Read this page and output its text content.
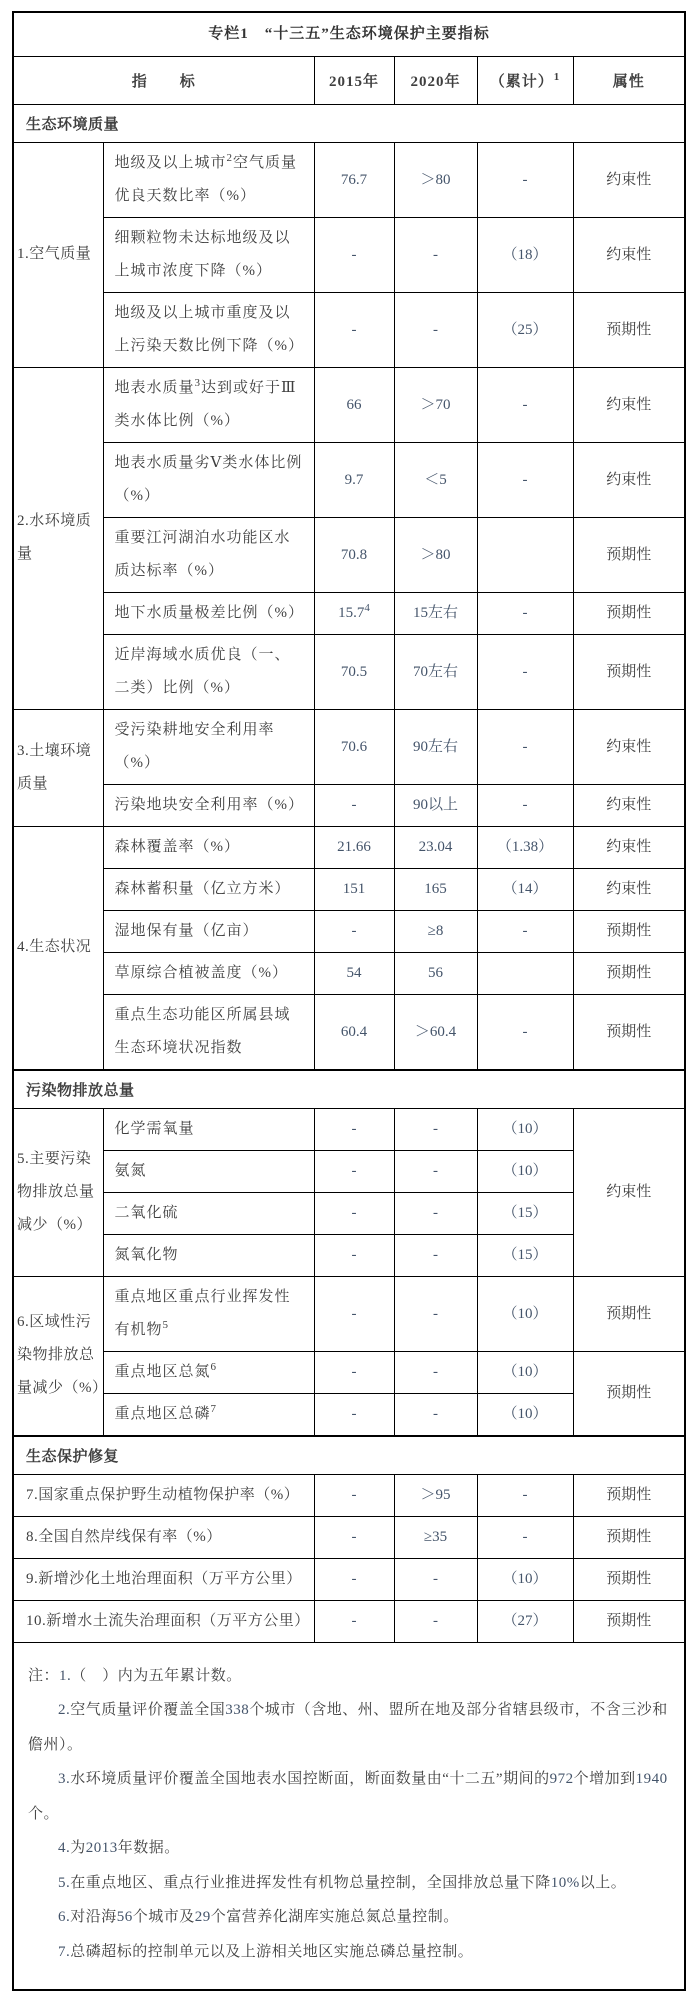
专栏1　“十三五”生态环境保护主要指标					
指　　标		2015年	2020年	（累计）$^1$	属性
生态环境质量					
1.空气质量	地级及以上城市$^2$空气质量优良天数比率（%）	76.7	＞80	-	约束性
	细颗粒物未达标地级及以上城市浓度下降（%）	-	-	（18）	约束性
	地级及以上城市重度及以上污染天数比例下降（%）	-	-	（25）	预期性
2.水环境质量	地表水质量$^3$达到或好于Ⅲ类水体比例（%）	66	＞70	-	约束性
	地表水质量劣Ⅴ类水体比例（%）	9.7	＜5	-	约束性
	重要江河湖泊水功能区水质达标率（%）	70.8	＞80		预期性
	地下水质量极差比例（%）	15.7$^4$	15左右	-	预期性
	近岸海域水质优良（一、二类）比例（%）	70.5	70左右	-	预期性
3.土壤环境质量	受污染耕地安全利用率（%）	70.6	90左右	-	约束性
	污染地块安全利用率（%）	-	90以上	-	约束性
4.生态状况	森林覆盖率（%）	21.66	23.04	（1.38）	约束性
	森林蓄积量（亿立方米）	151	165	（14）	约束性
	湿地保有量（亿亩）	-	≥8	-	预期性
	草原综合植被盖度（%）	54	56		预期性
	重点生态功能区所属县域生态环境状况指数	60.4	＞60.4	-	预期性
污染物排放总量					
5.主要污染物排放总量减少（%）	化学需氧量	-	-	（10）	约束性
	氨氮	-	-	（10）	
	二氧化硫	-	-	（15）	
	氮氧化物	-	-	（15）	
6.区域性污染物排放总量减少（%）	重点地区重点行业挥发性有机物$^5$	-	-	（10）	预期性
	重点地区总氮$^6$	-	-	（10）	预期性
	重点地区总磷$^7$	-	-	（10）	
生态保护修复					
7.国家重点保护野生动植物保护率（%）		-	＞95	-	预期性
8.全国自然岸线保有率（%）		-	≥35	-	预期性
9.新增沙化土地治理面积（万平方公里）		-	-	（10）	预期性
10.新增水土流失治理面积（万平方公里）		-	-	（27）	预期性

注：1.（　）内为五年累计数。

2.空气质量评价覆盖全国338个城市（含地、州、盟所在地及部分省辖县级市，不含三沙和儋州）。

3.水环境质量评价覆盖全国地表水国控断面，断面数量由“十二五”期间的972个增加到1940个。

4.为2013年数据。

5.在重点地区、重点行业推进挥发性有机物总量控制，全国排放总量下降10%以上。

6.对沿海56个城市及29个富营养化湖库实施总氮总量控制。

7.总磷超标的控制单元以及上游相关地区实施总磷总量控制。
